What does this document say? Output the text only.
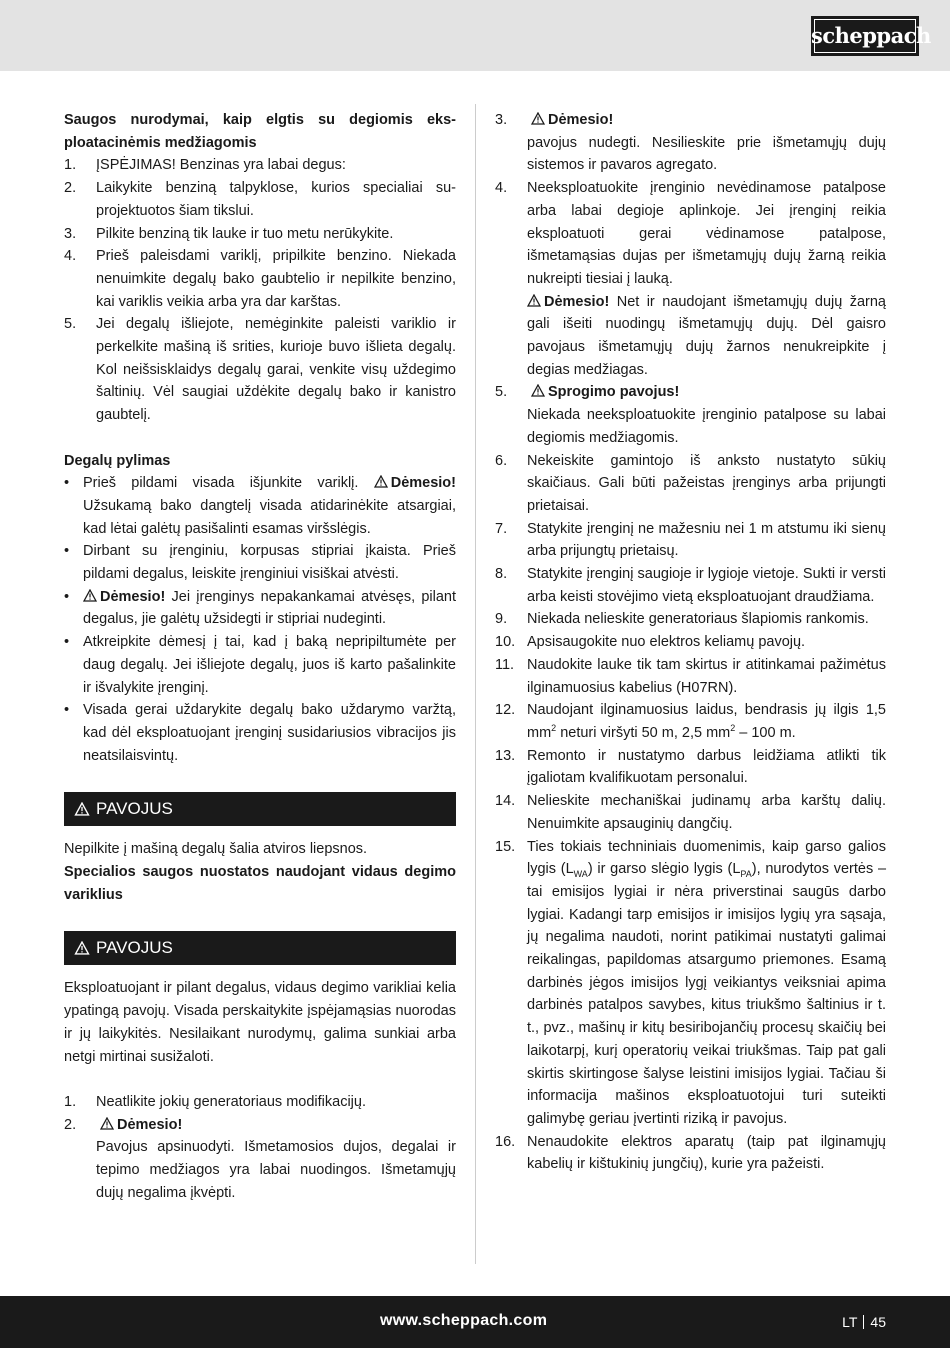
scheppach
Saugos nurodymai, kaip elgtis su degiomis eksploatacinėmis medžiagomis
1.	ĮSPĖJIMAS! Benzinas yra labai degus:
2.	Laikykite benziną talpyklose, kurios specialiai suprojektuotos šiam tikslui.
3.	Pilkite benziną tik lauke ir tuo metu nerūkykite.
4.	Prieš paleisdami variklį, pripilkite benzino. Niekada nenuimkite degalų bako gaubtelio ir nepilkite benzino, kai variklis veikia arba yra dar karštas.
5.	Jei degalų išliejote, nemėginkite paleisti variklio ir perkelkite mašiną iš srities, kurioje buvo išlieta degalų. Kol neišsisklaidys degalų garai, venkite visų uždegimo šaltinių. Vėl saugiai uždėkite degalų bako ir kanistro gaubtelį.
Degalų pylimas
• Prieš pildami visada išjunkite variklį. Dėmesio! Užsukamą bako dangtelį visada atidarinėkite atsargiai, kad lėtai galėtų pasišalinti esamas viršslėgis.
• Dirbant su įrenginiu, korpusas stipriai įkaista. Prieš pildami degalus, leiskite įrenginiui visiškai atvėsti.
•	Dėmesio! Jei įrenginys nepakankamai atvėsęs, pilant degalus, jie galėtų užsidegti ir stipriai nudeginti.
• Atkreipkite dėmesį į tai, kad į baką nepripiltumėte per daug degalų. Jei išliejote degalų, juos iš karto pašalinkite ir išvalykite įrenginį.
• Visada gerai uždarykite degalų bako uždarymo varžtą, kad dėl eksploatuojant įrenginį susidariusios vibracijos jis neatsilaisvintų.
PAVOJUS
Nepilkite į mašiną degalų šalia atviros liepsnos.
Specialios saugos nuostatos naudojant vidaus degimo variklius
PAVOJUS
Eksploatuojant ir pilant degalus, vidaus degimo varikliai kelia ypatingą pavojų. Visada perskaitykite įspėjamąsias nuorodas ir jų laikykitės. Nesilaikant nurodymų, galima sunkiai arba netgi mirtinai susižaloti.
1.	Neatlikite jokių generatoriaus modifikacijų.
2.	Dėmesio!
Pavojus apsinuodyti. Išmetamosios dujos, degalai ir tepimo medžiagos yra labai nuodingos. Išmetamųjų dujų negalima įkvėpti.
3.	Dėmesio!
pavojus nudegti. Nesilieskite prie išmetamųjų dujų sistemos ir pavaros agregato.
4.	Neeksploatuokite įrenginio nevėdinamose patalpose arba labai degioje aplinkoje. Jei įrenginį reikia eksploatuoti gerai vėdinamose patalpose, išmetamąsias dujas per išmetamųjų dujų žarną reikia nukreipti tiesiai į lauką.

Dėmesio! Net ir naudojant išmetamųjų dujų žarną gali išeiti nuodingų išmetamųjų dujų. Dėl gaisro pavojaus išmetamųjų dujų žarnos nenukreipkite į degias medžiagas.
5.	Sprogimo pavojus!
Niekada neeksploatuokite įrenginio patalpose su labai degiomis medžiagomis.
6.	Nekeiskite gamintojo iš anksto nustatyto sūkių skaičiaus. Gali būti pažeistas įrenginys arba prijungti prietaisai.
7.	Statykite įrenginį ne mažesniu nei 1 m atstumu iki sienų arba prijungtų prietaisų.
8.	Statykite įrenginį saugioje ir lygioje vietoje. Sukti ir versti arba keisti stovėjimo vietą eksploatuojant draudžiama.
9.	Niekada nelieskite generatoriaus šlapiomis rankomis.
10. Apsisaugokite nuo elektros keliamų pavojų.
11. Naudokite lauke tik tam skirtus ir atitinkamai pažimėtus ilginamuosius kabelius (H07RN).
12. Naudojant ilginamuosius laidus, bendrasis jų ilgis 1,5 $mm^2$ neturi viršyti 50 m, 2,5 $mm^2 - 100$ m.
13. Remonto ir nustatymo darbus leidžiama atlikti tik įgaliotam kvalifikuotam personalui.
14. Nelieskite mechaniškai judinamų arba karštų dalių. Nenuimkite apsauginių dangčių.
15. Ties tokiais techniniais duomenimis, kaip garso galios lygis $(L_{WA})$ ir garso slėgio lygis $(L_{PA})$, nurodytos vertės – tai emisijos lygiai ir nėra priverstinai saugūs darbo lygiai. Kadangi tarp emisijos ir imisijos lygių yra sąsaja, jų negalima naudoti, norint patikimai nustatyti galimai reikalingas, papildomas atsargumo priemones. Esamą darbinės jėgos imisijos lygį veikiantys veiksniai apima darbinės patalpos savybes, kitus triukšmo šaltinius ir t. t., pvz., mašinų ir kitų besiribojančių procesų skaičių bei laikotarpį, kurį operatorių veikai triukšmas. Taip pat gali skirtis skirtingose šalyse leistini imisijos lygiai. Tačiau ši informacija mašinos eksploatuotojui turi suteikti galimybę geriau įvertinti riziką ir pavojus.
16. Nenaudokite elektros aparatų (taip pat ilginamųjų kabelių ir kištukinių jungčių), kurie yra pažeisti.
www.scheppach.com	LT 45
